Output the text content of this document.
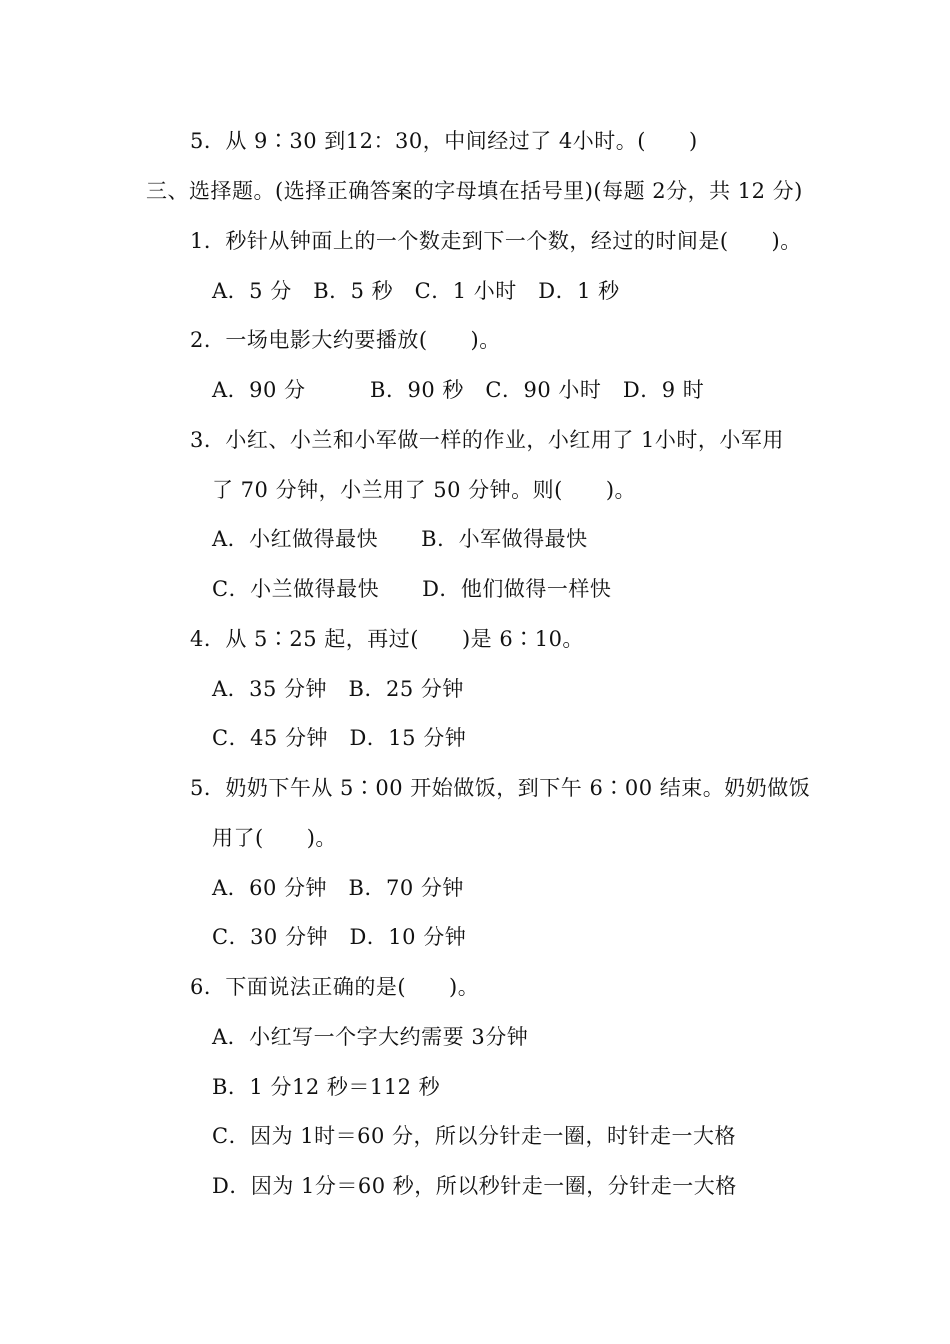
5．从 9∶30 到12：30，中间经过了 4小时。(　　)
三、选择题。(选择正确答案的字母填在括号里)(每题 2分，共 12 分)
1．秒针从钟面上的一个数走到下一个数，经过的时间是(　　)。
A．5 分　B．5 秒　C．1 小时　D．1 秒
2．一场电影大约要播放(　　)。
A．90 分　　　B．90 秒　C．90 小时　D．9 时
3．小红、小兰和小军做一样的作业，小红用了 1小时，小军用
了 70 分钟，小兰用了 50 分钟。则(　　)。
A．小红做得最快　　B．小军做得最快
C．小兰做得最快　　D．他们做得一样快
4．从 5∶25 起，再过(　　)是 6∶10。
A．35 分钟　B．25 分钟
C．45 分钟　D．15 分钟
5．奶奶下午从 5∶00 开始做饭，到下午 6∶00 结束。奶奶做饭
用了(　　)。
A．60 分钟　B．70 分钟
C．30 分钟　D．10 分钟
6．下面说法正确的是(　　)。
A．小红写一个字大约需要 3分钟
B．1 分12 秒＝112 秒
C．因为 1时＝60 分，所以分针走一圈，时针走一大格
D．因为 1分＝60 秒，所以秒针走一圈，分针走一大格
